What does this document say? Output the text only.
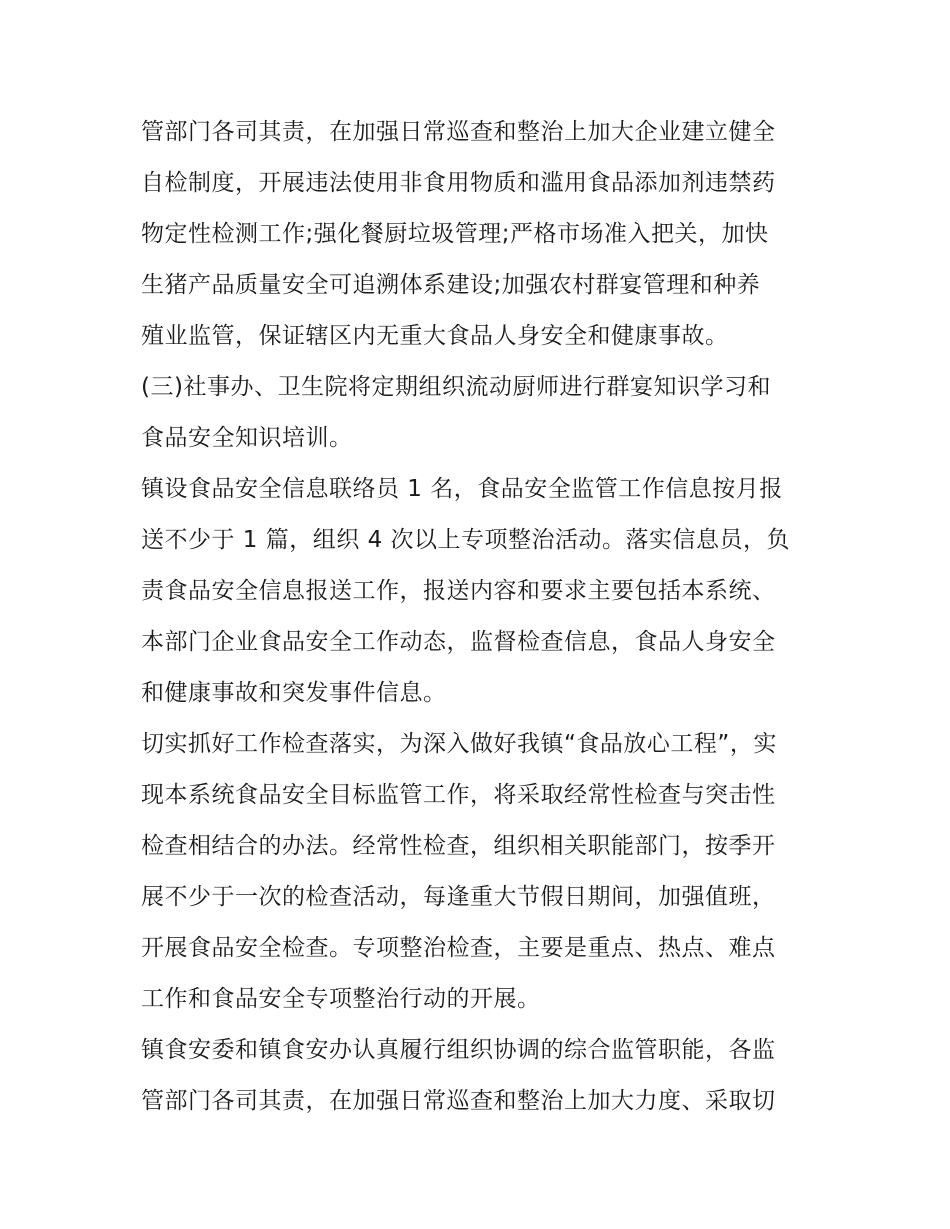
管部门各司其责，在加强日常巡查和整治上加大企业建立健全
自检制度，开展违法使用非食用物质和滥用食品添加剂违禁药
物定性检测工作;强化餐厨垃圾管理;严格市场准入把关，加快
生猪产品质量安全可追溯体系建设;加强农村群宴管理和种养
殖业监管，保证辖区内无重大食品人身安全和健康事故。
(三)社事办、卫生院将定期组织流动厨师进行群宴知识学习和
食品安全知识培训。
镇设食品安全信息联络员 1 名，食品安全监管工作信息按月报
送不少于 1 篇，组织 4 次以上专项整治活动。落实信息员，负
责食品安全信息报送工作，报送内容和要求主要包括本系统、
本部门企业食品安全工作动态，监督检查信息，食品人身安全
和健康事故和突发事件信息。
切实抓好工作检查落实，为深入做好我镇“食品放心工程”，实
现本系统食品安全目标监管工作，将采取经常性检查与突击性
检查相结合的办法。经常性检查，组织相关职能部门，按季开
展不少于一次的检查活动，每逢重大节假日期间，加强值班，
开展食品安全检查。专项整治检查，主要是重点、热点、难点
工作和食品安全专项整治行动的开展。
镇食安委和镇食安办认真履行组织协调的综合监管职能，各监
管部门各司其责，在加强日常巡查和整治上加大力度、采取切
